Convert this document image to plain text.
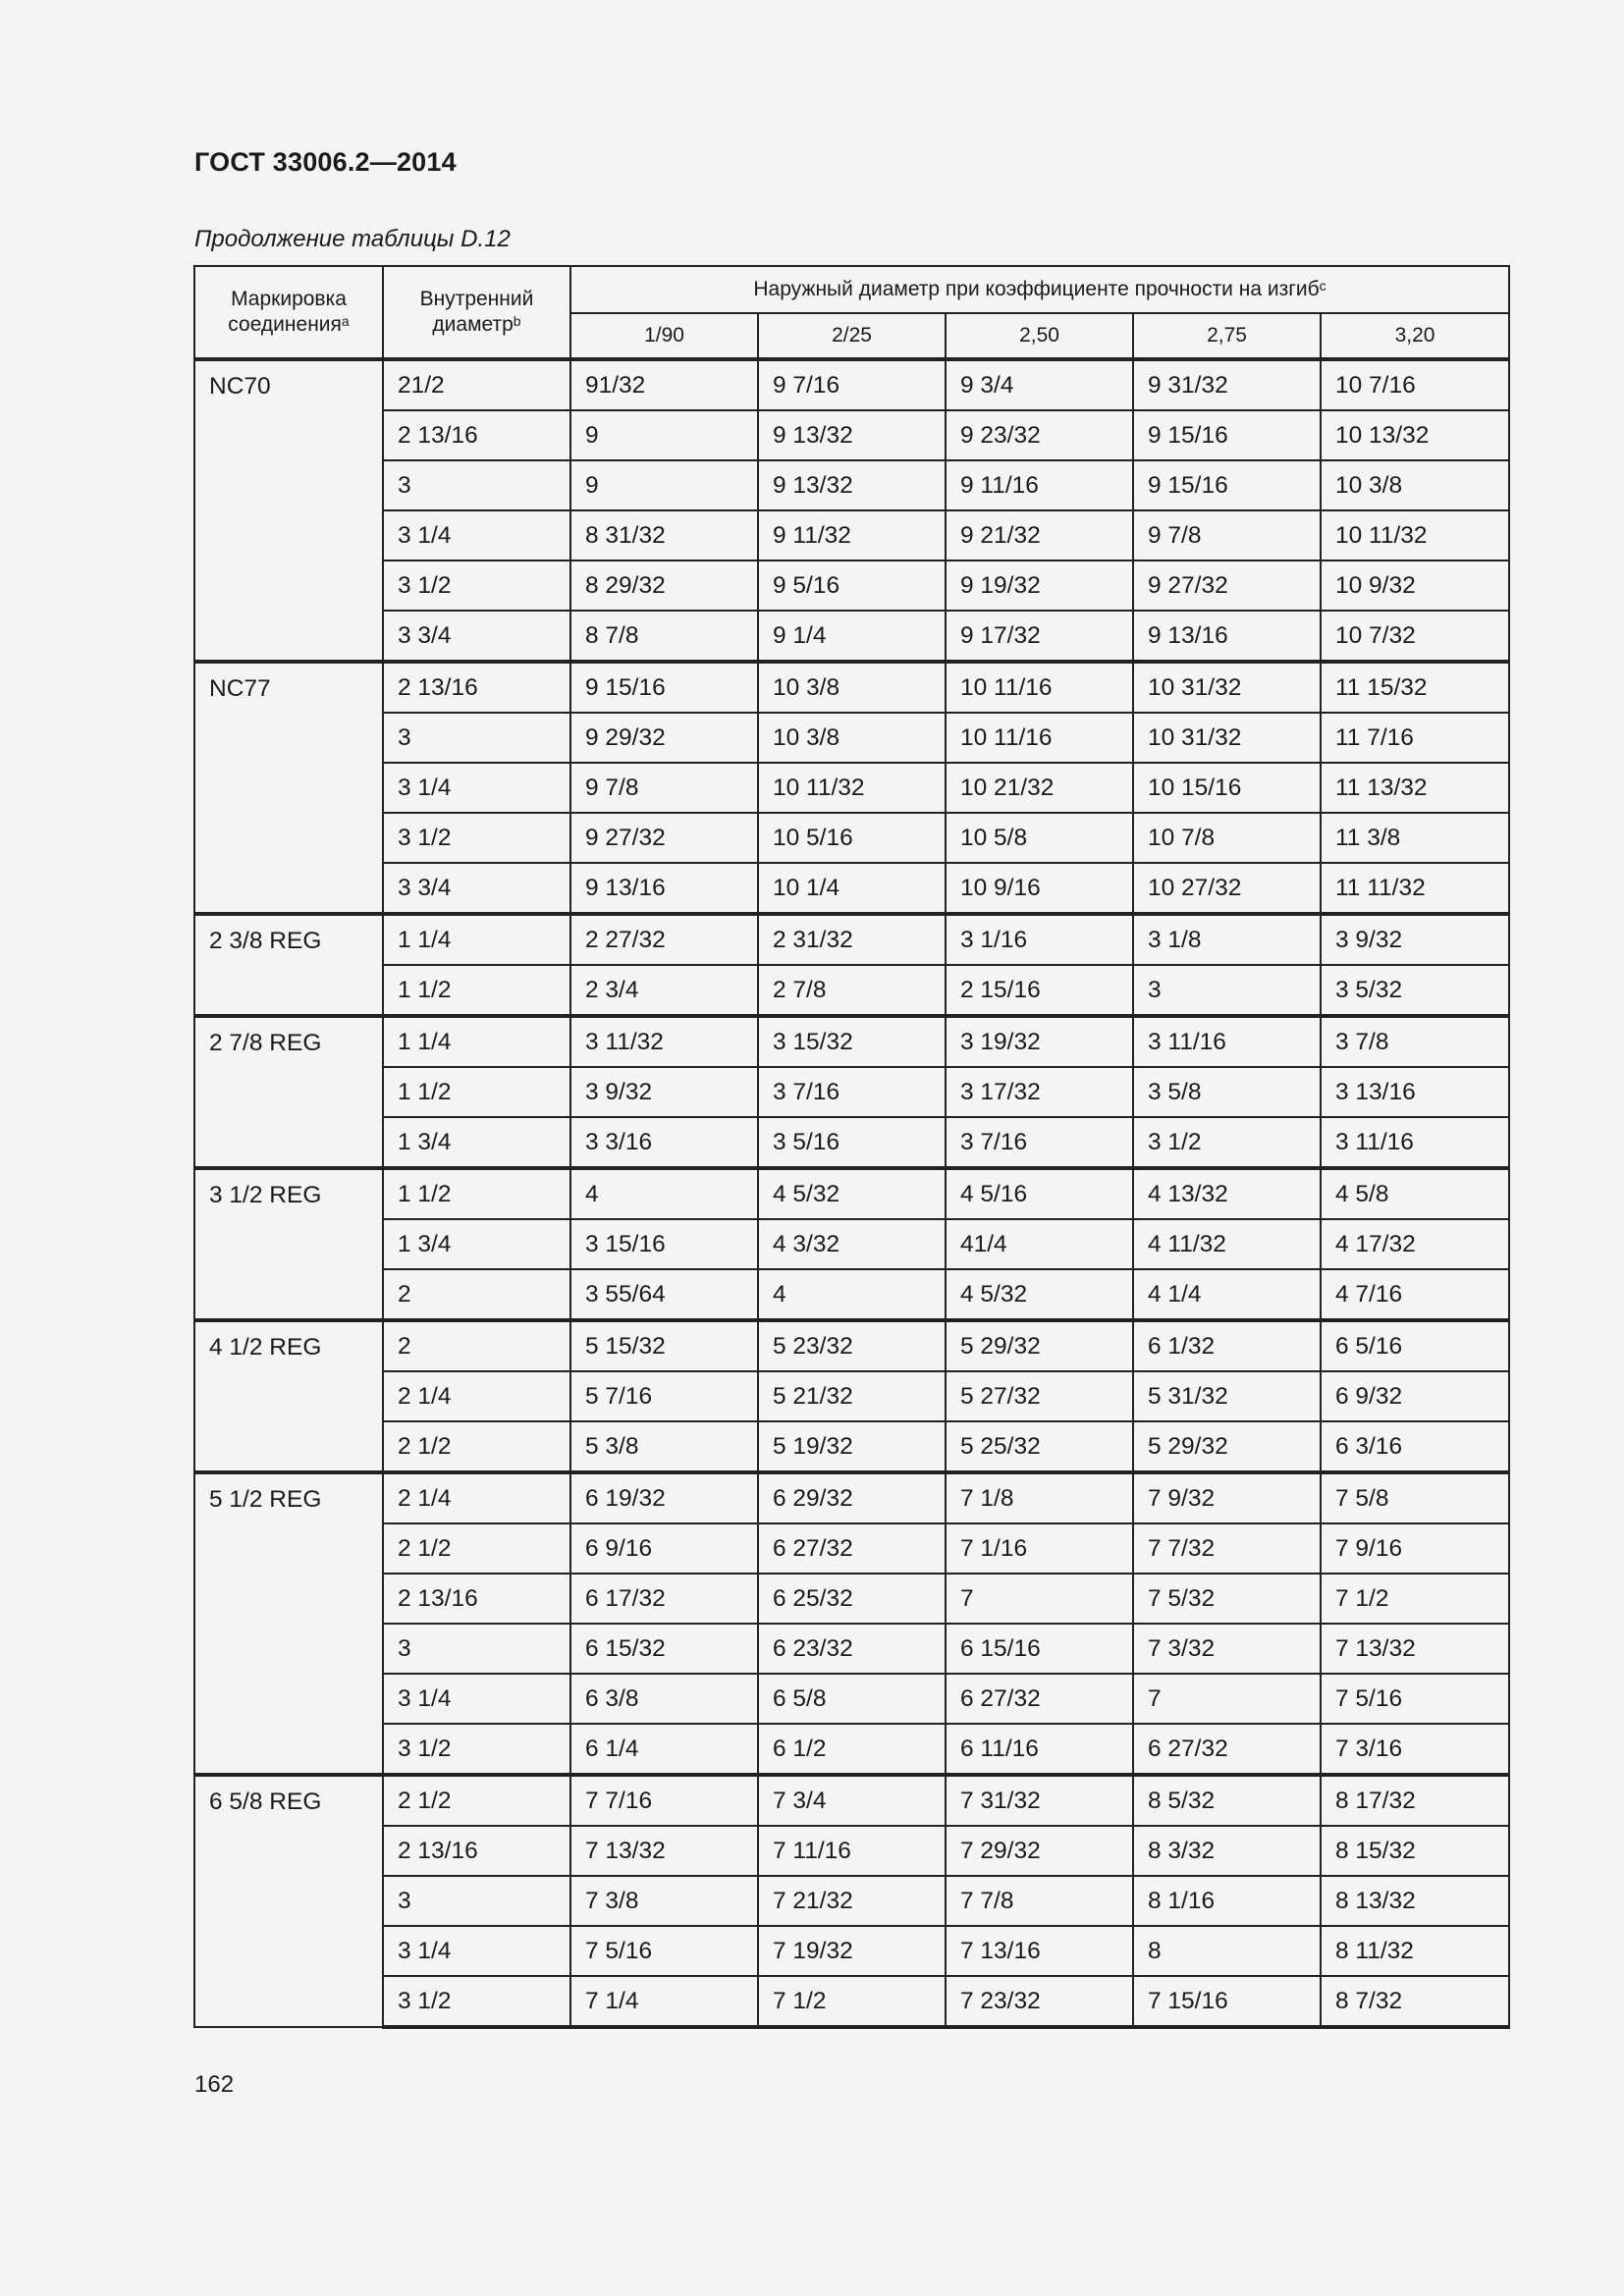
ГОСТ 33006.2—2014
Продолжение таблицы D.12
Маркировка соединения$^a$	Внутренний диаметр$^b$	Наружный диаметр при коэффициенте прочности на изгиб$^c$
		1/90	2/25	2,50	2,75	3,20
NC70	21/2	91/32	9 7/16	9 3/4	9 31/32	10 7/16
	2 13/16	9	9 13/32	9 23/32	9 15/16	10 13/32
	3	9	9 13/32	9 11/16	9 15/16	10 3/8
	3 1/4	8 31/32	9 11/32	9 21/32	9 7/8	10 11/32
	3 1/2	8 29/32	9 5/16	9 19/32	9 27/32	10 9/32
	3 3/4	8 7/8	9 1/4	9 17/32	9 13/16	10 7/32
NC77	2 13/16	9 15/16	10 3/8	10 11/16	10 31/32	11 15/32
	3	9 29/32	10 3/8	10 11/16	10 31/32	11 7/16
	3 1/4	9 7/8	10 11/32	10 21/32	10 15/16	11 13/32
	3 1/2	9 27/32	10 5/16	10 5/8	10 7/8	11 3/8
	3 3/4	9 13/16	10 1/4	10 9/16	10 27/32	11 11/32
2 3/8 REG	1 1/4	2 27/32	2 31/32	3 1/16	3 1/8	3 9/32
	1 1/2	2 3/4	2 7/8	2 15/16	3	3 5/32
2 7/8 REG	1 1/4	3 11/32	3 15/32	3 19/32	3 11/16	3 7/8
	1 1/2	3 9/32	3 7/16	3 17/32	3 5/8	3 13/16
	1 3/4	3 3/16	3 5/16	3 7/16	3 1/2	3 11/16
3 1/2 REG	1 1/2	4	4 5/32	4 5/16	4 13/32	4 5/8
	1 3/4	3 15/16	4 3/32	41/4	4 11/32	4 17/32
	2	3 55/64	4	4 5/32	4 1/4	4 7/16
4 1/2 REG	2	5 15/32	5 23/32	5 29/32	6 1/32	6 5/16
	2 1/4	5 7/16	5 21/32	5 27/32	5 31/32	6 9/32
	2 1/2	5 3/8	5 19/32	5 25/32	5 29/32	6 3/16
5 1/2 REG	2 1/4	6 19/32	6 29/32	7 1/8	7 9/32	7 5/8
	2 1/2	6 9/16	6 27/32	7 1/16	7 7/32	7 9/16
	2 13/16	6 17/32	6 25/32	7	7 5/32	7 1/2
	3	6 15/32	6 23/32	6 15/16	7 3/32	7 13/32
	3 1/4	6 3/8	6 5/8	6 27/32	7	7 5/16
	3 1/2	6 1/4	6 1/2	6 11/16	6 27/32	7 3/16
6 5/8 REG	2 1/2	7 7/16	7 3/4	7 31/32	8 5/32	8 17/32
	2 13/16	7 13/32	7 11/16	7 29/32	8 3/32	8 15/32
	3	7 3/8	7 21/32	7 7/8	8 1/16	8 13/32
	3 1/4	7 5/16	7 19/32	7 13/16	8	8 11/32
	3 1/2	7 1/4	7 1/2	7 23/32	7 15/16	8 7/32
162
